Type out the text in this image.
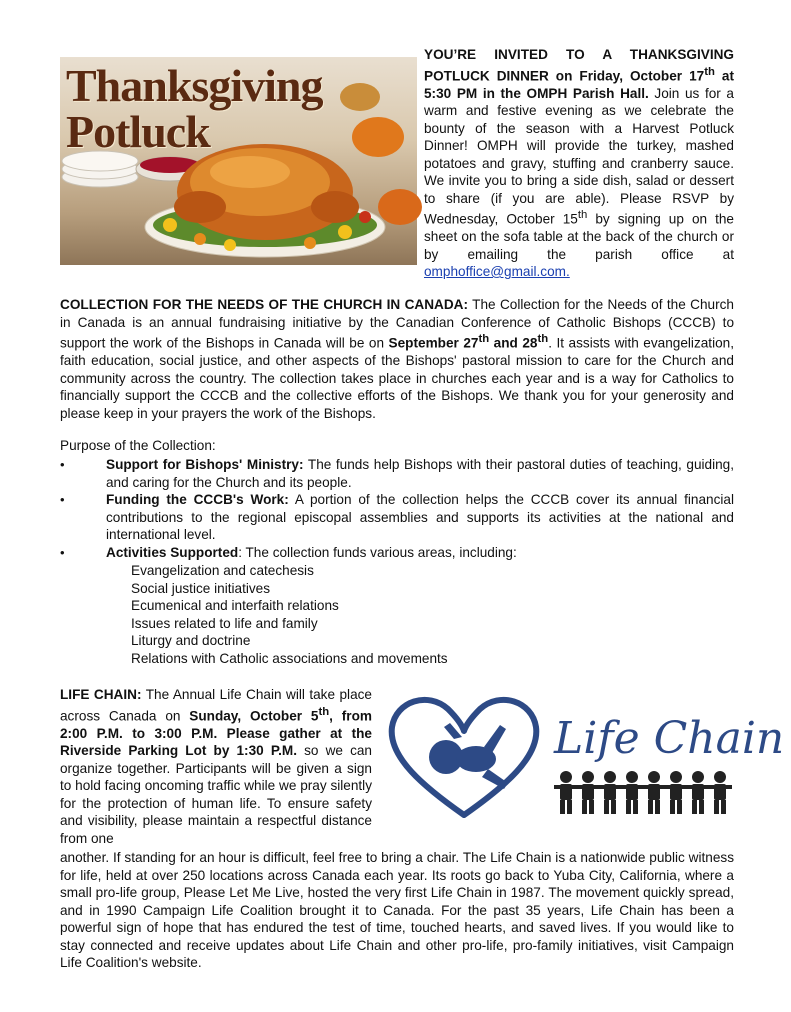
Thanksgiving
Potluck
YOU’RE INVITED TO A THANKSGIVING POTLUCK DINNER on Friday, October 17th at 5:30 PM in the OMPH Parish Hall. Join us for a warm and festive evening as we celebrate the bounty of the season with a Harvest Potluck Dinner! OMPH will provide the turkey, mashed potatoes and gravy, stuffing and cranberry sauce. We invite you to bring a side dish, salad or dessert to share (if you are able). Please RSVP by Wednesday, October 15th by signing up on the sheet on the sofa table at the back of the church or by emailing the parish office at omphoffice@gmail.com.
COLLECTION FOR THE NEEDS OF THE CHURCH IN CANADA: The Collection for the Needs of the Church in Canada is an annual fundraising initiative by the Canadian Conference of Catholic Bishops (CCCB) to support the work of the Bishops in Canada will be on September 27th and 28th. It assists with evangelization, faith education, social justice, and other aspects of the Bishops' pastoral mission to care for the Church and community across the country. The collection takes place in churches each year and is a way for Catholics to financially support the CCCB and the collective efforts of the Bishops. We thank you for your generosity and please keep in your prayers the work of the Bishops.
Purpose of the Collection:
•	Support for Bishops' Ministry: The funds help Bishops with their pastoral duties of teaching, guiding, and caring for the Church and its people.
•	Funding the CCCB's Work: A portion of the collection helps the CCCB cover its annual financial contributions to the regional episcopal assemblies and supports its activities at the national and international level.
•	Activities Supported: The collection funds various areas, including:
Evangelization and catechesis
Social justice initiatives
Ecumenical and interfaith relations
Issues related to life and family
Liturgy and doctrine
Relations with Catholic associations and movements
LIFE CHAIN: The Annual Life Chain will take place across Canada on Sunday, October 5th, from 2:00 P.M. to 3:00 P.M. Please gather at the Riverside Parking Lot by 1:30 P.M. so we can organize together. Participants will be given a sign to hold facing oncoming traffic while we pray silently for the protection of human life. To ensure safety and visibility, please maintain a respectful distance from one
Life Chain
another. If standing for an hour is difficult, feel free to bring a chair. The Life Chain is a nationwide public witness for life, held at over 250 locations across Canada each year. Its roots go back to Yuba City, California, where a small pro-life group, Please Let Me Live, hosted the very first Life Chain in 1987. The movement quickly spread, and in 1990 Campaign Life Coalition brought it to Canada. For the past 35 years, Life Chain has been a powerful sign of hope that has endured the test of time, touched hearts, and saved lives. If you would like to stay connected and receive updates about Life Chain and other pro-life, pro-family initiatives, visit Campaign Life Coalition's website.
